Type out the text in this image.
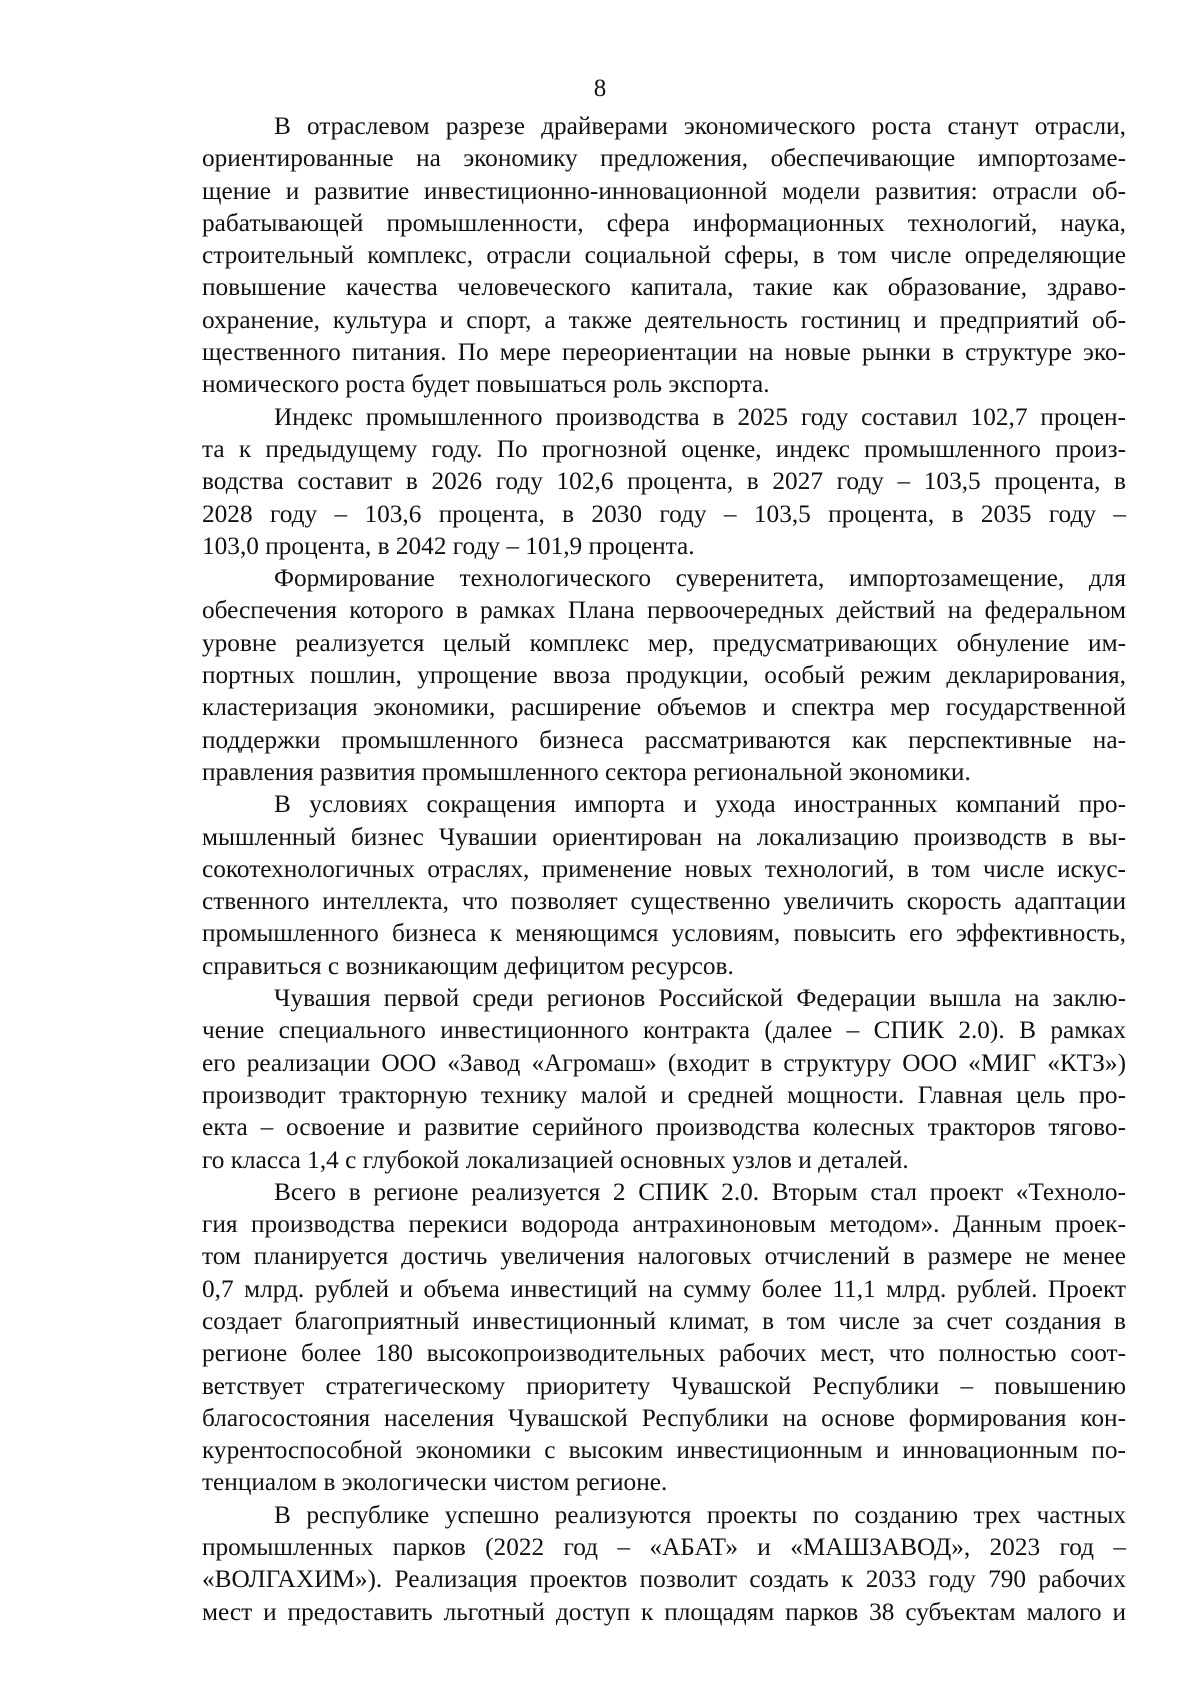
8

В отраслевом разрезе драйверами экономического роста станут отрасли,
ориентированные на экономику предложения, обеспечивающие импортозаме-
щение и развитие инвестиционно-инновационной модели развития: отрасли об-
рабатывающей промышленности, сфера информационных технологий, наука,
строительный комплекс, отрасли социальной сферы, в том числе определяющие
повышение качества человеческого капитала, такие как образование, здраво-
охранение, культура и спорт, а также деятельность гостиниц и предприятий об-
щественного питания. По мере переориентации на новые рынки в структуре эко-
номического роста будет повышаться роль экспорта.

Индекс промышленного производства в 2025 году составил 102,7 процен-
та к предыдущему году. По прогнозной оценке, индекс промышленного произ-
водства составит в 2026 году 102,6 процента, в 2027 году – 103,5 процента, в
2028 году – 103,6 процента, в 2030 году – 103,5 процента, в 2035 году –
103,0 процента, в 2042 году – 101,9 процента.

Формирование технологического суверенитета, импортозамещение, для
обеспечения которого в рамках Плана первоочередных действий на федеральном
уровне реализуется целый комплекс мер, предусматривающих обнуление им-
портных пошлин, упрощение ввоза продукции, особый режим декларирования,
кластеризация экономики, расширение объемов и спектра мер государственной
поддержки промышленного бизнеса рассматриваются как перспективные на-
правления развития промышленного сектора региональной экономики.

В условиях сокращения импорта и ухода иностранных компаний про-
мышленный бизнес Чувашии ориентирован на локализацию производств в вы-
сокотехнологичных отраслях, применение новых технологий, в том числе искус-
ственного интеллекта, что позволяет существенно увеличить скорость адаптации
промышленного бизнеса к меняющимся условиям, повысить его эффективность,
справиться с возникающим дефицитом ресурсов.

Чувашия первой среди регионов Российской Федерации вышла на заклю-
чение специального инвестиционного контракта (далее – СПИК 2.0). В рамках
его реализации ООО «Завод «Агромаш» (входит в структуру ООО «МИГ «КТЗ»)
производит тракторную технику малой и средней мощности. Главная цель про-
екта – освоение и развитие серийного производства колесных тракторов тягово-
го класса 1,4 с глубокой локализацией основных узлов и деталей.

Всего в регионе реализуется 2 СПИК 2.0. Вторым стал проект «Техноло-
гия производства перекиси водорода антрахиноновым методом». Данным проек-
том планируется достичь увеличения налоговых отчислений в размере не менее
0,7 млрд. рублей и объема инвестиций на сумму более 11,1 млрд. рублей. Проект
создает благоприятный инвестиционный климат, в том числе за счет создания в
регионе более 180 высокопроизводительных рабочих мест, что полностью соот-
ветствует стратегическому приоритету Чувашской Республики – повышению
благосостояния населения Чувашской Республики на основе формирования кон-
курентоспособной экономики с высоким инвестиционным и инновационным по-
тенциалом в экологически чистом регионе.

В республике успешно реализуются проекты по созданию трех частных
промышленных парков (2022 год – «АБАТ» и «МАШЗАВОД», 2023 год –
«ВОЛГАХИМ»). Реализация проектов позволит создать к 2033 году 790 рабочих
мест и предоставить льготный доступ к площадям парков 38 субъектам малого и
